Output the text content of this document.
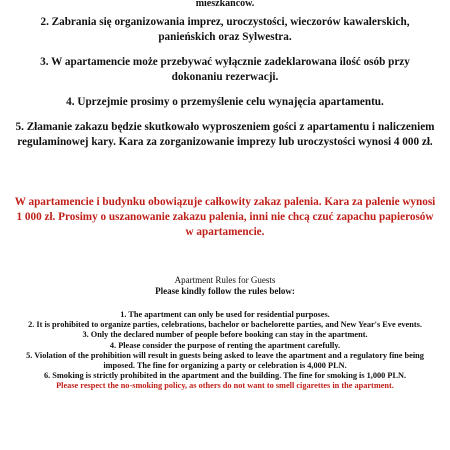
mieszkańców.

2. Zabrania się organizowania imprez, uroczystości, wieczorów kawalerskich, panieńskich oraz Sylwestra.

3. W apartamencie może przebywać wyłącznie zadeklarowana ilość osób przy dokonaniu rezerwacji.

4. Uprzejmie prosimy o przemyślenie celu wynajęcia apartamentu.

5. Złamanie zakazu będzie skutkowało wyproszeniem gości z apartamentu i naliczeniem regulaminowej kary. Kara za zorganizowanie imprezy lub uroczystości wynosi 4 000 zł.

W apartamencie i budynku obowiązuje całkowity zakaz palenia. Kara za palenie wynosi 1 000 zł. Prosimy o uszanowanie zakazu palenia, inni nie chcą czuć zapachu papierosów w apartamencie.

Apartment Rules for Guests

Please kindly follow the rules below:

1. The apartment can only be used for residential purposes.
2. It is prohibited to organize parties, celebrations, bachelor or bachelorette parties, and New Year's Eve events.
3. Only the declared number of people before booking can stay in the apartment.
4. Please consider the purpose of renting the apartment carefully.
5. Violation of the prohibition will result in guests being asked to leave the apartment and a regulatory fine being imposed. The fine for organizing a party or celebration is 4,000 PLN.
6. Smoking is strictly prohibited in the apartment and the building. The fine for smoking is 1,000 PLN.

Please respect the no-smoking policy, as others do not want to smell cigarettes in the apartment.
